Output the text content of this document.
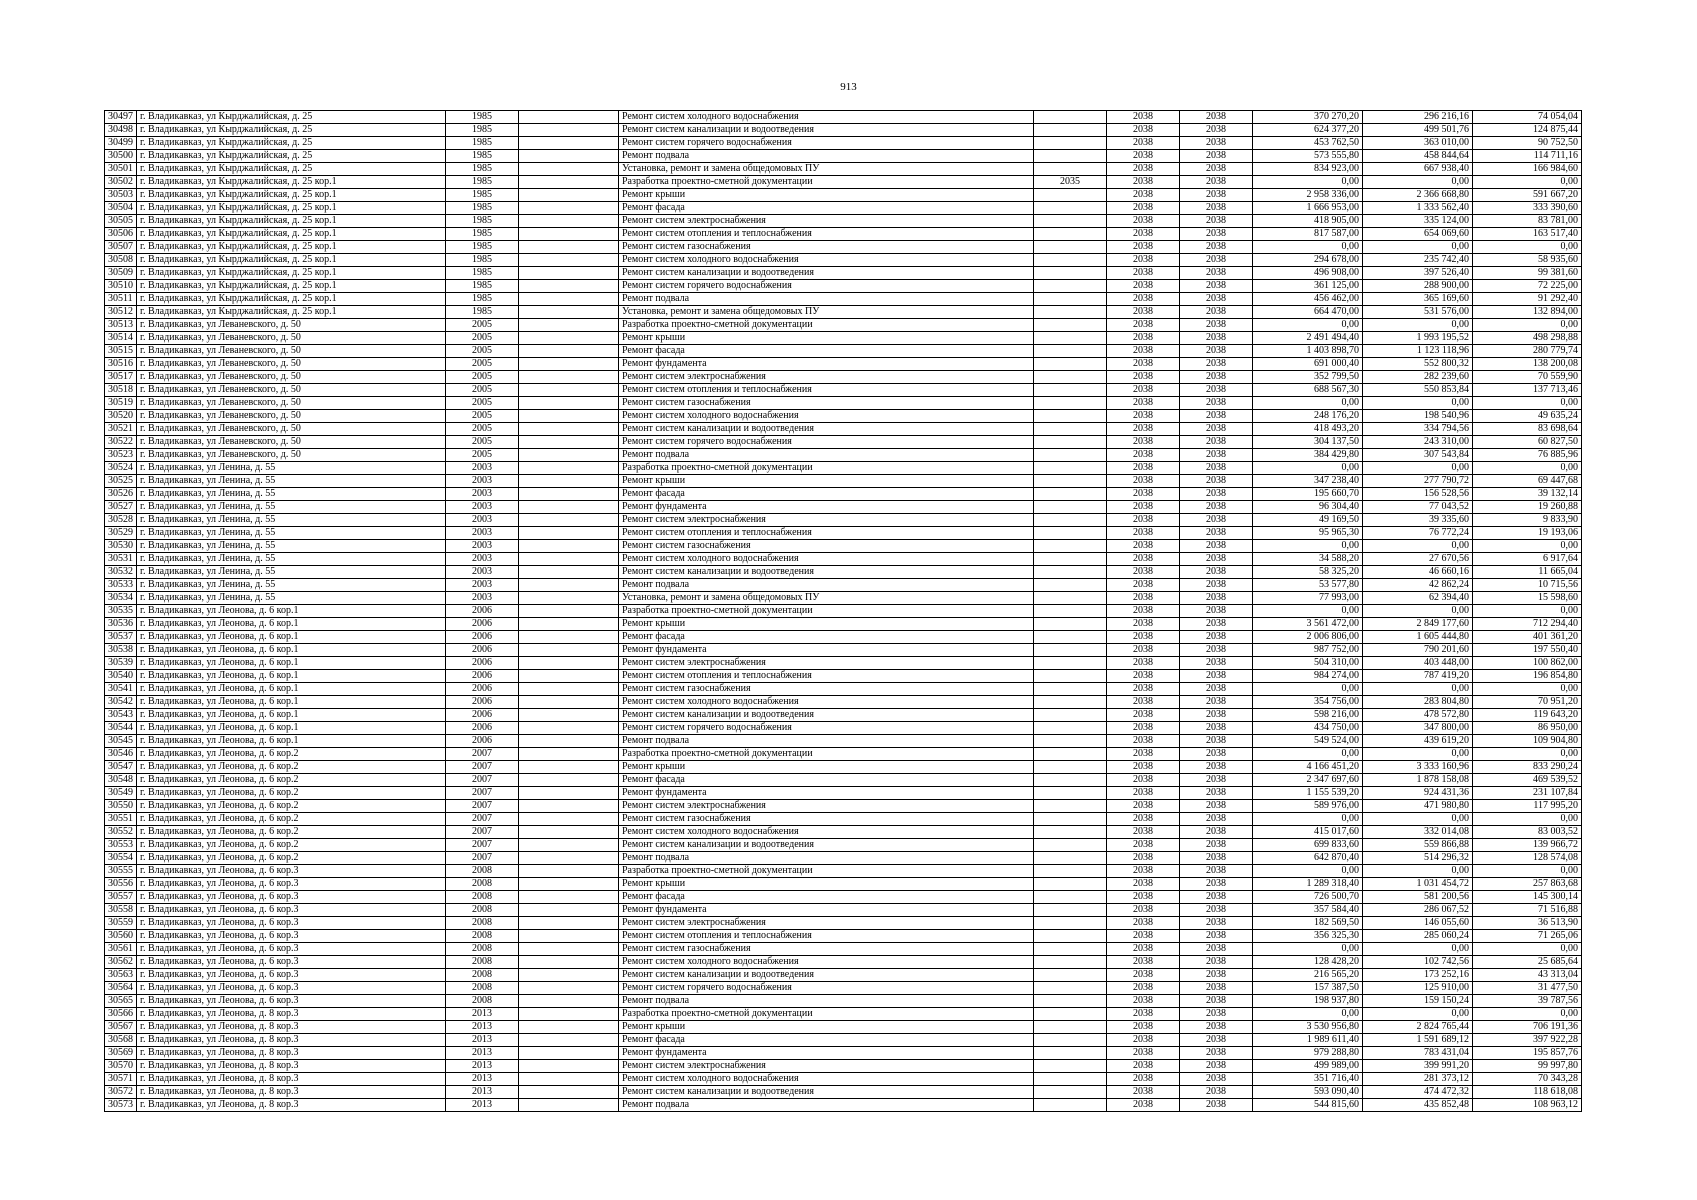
913
30497	г. Владикавказ, ул Кырджалийская, д. 25	1985		Ремонт систем холодного водоснабжения		2038	2038	370 270,20	296 216,16	74 054,04
30498	г. Владикавказ, ул Кырджалийская, д. 25	1985		Ремонт систем канализации и водоотведения		2038	2038	624 377,20	499 501,76	124 875,44
30499	г. Владикавказ, ул Кырджалийская, д. 25	1985		Ремонт систем горячего водоснабжения		2038	2038	453 762,50	363 010,00	90 752,50
30500	г. Владикавказ, ул Кырджалийская, д. 25	1985		Ремонт подвала		2038	2038	573 555,80	458 844,64	114 711,16
30501	г. Владикавказ, ул Кырджалийская, д. 25	1985		Установка, ремонт и замена общедомовых ПУ		2038	2038	834 923,00	667 938,40	166 984,60
30502	г. Владикавказ, ул Кырджалийская, д. 25 кор.1	1985		Разработка проектно-сметной документации	2035	2038	2038	0,00	0,00	0,00
30503	г. Владикавказ, ул Кырджалийская, д. 25 кор.1	1985		Ремонт крыши		2038	2038	2 958 336,00	2 366 668,80	591 667,20
30504	г. Владикавказ, ул Кырджалийская, д. 25 кор.1	1985		Ремонт фасада		2038	2038	1 666 953,00	1 333 562,40	333 390,60
30505	г. Владикавказ, ул Кырджалийская, д. 25 кор.1	1985		Ремонт систем электроснабжения		2038	2038	418 905,00	335 124,00	83 781,00
30506	г. Владикавказ, ул Кырджалийская, д. 25 кор.1	1985		Ремонт систем отопления и теплоснабжения		2038	2038	817 587,00	654 069,60	163 517,40
30507	г. Владикавказ, ул Кырджалийская, д. 25 кор.1	1985		Ремонт систем газоснабжения		2038	2038	0,00	0,00	0,00
30508	г. Владикавказ, ул Кырджалийская, д. 25 кор.1	1985		Ремонт систем холодного водоснабжения		2038	2038	294 678,00	235 742,40	58 935,60
30509	г. Владикавказ, ул Кырджалийская, д. 25 кор.1	1985		Ремонт систем канализации и водоотведения		2038	2038	496 908,00	397 526,40	99 381,60
30510	г. Владикавказ, ул Кырджалийская, д. 25 кор.1	1985		Ремонт систем горячего водоснабжения		2038	2038	361 125,00	288 900,00	72 225,00
30511	г. Владикавказ, ул Кырджалийская, д. 25 кор.1	1985		Ремонт подвала		2038	2038	456 462,00	365 169,60	91 292,40
30512	г. Владикавказ, ул Кырджалийская, д. 25 кор.1	1985		Установка, ремонт и замена общедомовых ПУ		2038	2038	664 470,00	531 576,00	132 894,00
30513	г. Владикавказ, ул Леваневского, д. 50	2005		Разработка проектно-сметной документации		2038	2038	0,00	0,00	0,00
30514	г. Владикавказ, ул Леваневского, д. 50	2005		Ремонт крыши		2038	2038	2 491 494,40	1 993 195,52	498 298,88
30515	г. Владикавказ, ул Леваневского, д. 50	2005		Ремонт фасада		2038	2038	1 403 898,70	1 123 118,96	280 779,74
30516	г. Владикавказ, ул Леваневского, д. 50	2005		Ремонт фундамента		2038	2038	691 000,40	552 800,32	138 200,08
30517	г. Владикавказ, ул Леваневского, д. 50	2005		Ремонт систем электроснабжения		2038	2038	352 799,50	282 239,60	70 559,90
30518	г. Владикавказ, ул Леваневского, д. 50	2005		Ремонт систем отопления и теплоснабжения		2038	2038	688 567,30	550 853,84	137 713,46
30519	г. Владикавказ, ул Леваневского, д. 50	2005		Ремонт систем газоснабжения		2038	2038	0,00	0,00	0,00
30520	г. Владикавказ, ул Леваневского, д. 50	2005		Ремонт систем холодного водоснабжения		2038	2038	248 176,20	198 540,96	49 635,24
30521	г. Владикавказ, ул Леваневского, д. 50	2005		Ремонт систем канализации и водоотведения		2038	2038	418 493,20	334 794,56	83 698,64
30522	г. Владикавказ, ул Леваневского, д. 50	2005		Ремонт систем горячего водоснабжения		2038	2038	304 137,50	243 310,00	60 827,50
30523	г. Владикавказ, ул Леваневского, д. 50	2005		Ремонт подвала		2038	2038	384 429,80	307 543,84	76 885,96
30524	г. Владикавказ, ул Ленина, д. 55	2003		Разработка проектно-сметной документации		2038	2038	0,00	0,00	0,00
30525	г. Владикавказ, ул Ленина, д. 55	2003		Ремонт крыши		2038	2038	347 238,40	277 790,72	69 447,68
30526	г. Владикавказ, ул Ленина, д. 55	2003		Ремонт фасада		2038	2038	195 660,70	156 528,56	39 132,14
30527	г. Владикавказ, ул Ленина, д. 55	2003		Ремонт фундамента		2038	2038	96 304,40	77 043,52	19 260,88
30528	г. Владикавказ, ул Ленина, д. 55	2003		Ремонт систем электроснабжения		2038	2038	49 169,50	39 335,60	9 833,90
30529	г. Владикавказ, ул Ленина, д. 55	2003		Ремонт систем отопления и теплоснабжения		2038	2038	95 965,30	76 772,24	19 193,06
30530	г. Владикавказ, ул Ленина, д. 55	2003		Ремонт систем газоснабжения		2038	2038	0,00	0,00	0,00
30531	г. Владикавказ, ул Ленина, д. 55	2003		Ремонт систем холодного водоснабжения		2038	2038	34 588,20	27 670,56	6 917,64
30532	г. Владикавказ, ул Ленина, д. 55	2003		Ремонт систем канализации и водоотведения		2038	2038	58 325,20	46 660,16	11 665,04
30533	г. Владикавказ, ул Ленина, д. 55	2003		Ремонт подвала		2038	2038	53 577,80	42 862,24	10 715,56
30534	г. Владикавказ, ул Ленина, д. 55	2003		Установка, ремонт и замена общедомовых ПУ		2038	2038	77 993,00	62 394,40	15 598,60
30535	г. Владикавказ, ул Леонова, д. 6 кор.1	2006		Разработка проектно-сметной документации		2038	2038	0,00	0,00	0,00
30536	г. Владикавказ, ул Леонова, д. 6 кор.1	2006		Ремонт крыши		2038	2038	3 561 472,00	2 849 177,60	712 294,40
30537	г. Владикавказ, ул Леонова, д. 6 кор.1	2006		Ремонт фасада		2038	2038	2 006 806,00	1 605 444,80	401 361,20
30538	г. Владикавказ, ул Леонова, д. 6 кор.1	2006		Ремонт фундамента		2038	2038	987 752,00	790 201,60	197 550,40
30539	г. Владикавказ, ул Леонова, д. 6 кор.1	2006		Ремонт систем электроснабжения		2038	2038	504 310,00	403 448,00	100 862,00
30540	г. Владикавказ, ул Леонова, д. 6 кор.1	2006		Ремонт систем отопления и теплоснабжения		2038	2038	984 274,00	787 419,20	196 854,80
30541	г. Владикавказ, ул Леонова, д. 6 кор.1	2006		Ремонт систем газоснабжения		2038	2038	0,00	0,00	0,00
30542	г. Владикавказ, ул Леонова, д. 6 кор.1	2006		Ремонт систем холодного водоснабжения		2038	2038	354 756,00	283 804,80	70 951,20
30543	г. Владикавказ, ул Леонова, д. 6 кор.1	2006		Ремонт систем канализации и водоотведения		2038	2038	598 216,00	478 572,80	119 643,20
30544	г. Владикавказ, ул Леонова, д. 6 кор.1	2006		Ремонт систем горячего водоснабжения		2038	2038	434 750,00	347 800,00	86 950,00
30545	г. Владикавказ, ул Леонова, д. 6 кор.1	2006		Ремонт подвала		2038	2038	549 524,00	439 619,20	109 904,80
30546	г. Владикавказ, ул Леонова, д. 6 кор.2	2007		Разработка проектно-сметной документации		2038	2038	0,00	0,00	0,00
30547	г. Владикавказ, ул Леонова, д. 6 кор.2	2007		Ремонт крыши		2038	2038	4 166 451,20	3 333 160,96	833 290,24
30548	г. Владикавказ, ул Леонова, д. 6 кор.2	2007		Ремонт фасада		2038	2038	2 347 697,60	1 878 158,08	469 539,52
30549	г. Владикавказ, ул Леонова, д. 6 кор.2	2007		Ремонт фундамента		2038	2038	1 155 539,20	924 431,36	231 107,84
30550	г. Владикавказ, ул Леонова, д. 6 кор.2	2007		Ремонт систем электроснабжения		2038	2038	589 976,00	471 980,80	117 995,20
30551	г. Владикавказ, ул Леонова, д. 6 кор.2	2007		Ремонт систем газоснабжения		2038	2038	0,00	0,00	0,00
30552	г. Владикавказ, ул Леонова, д. 6 кор.2	2007		Ремонт систем холодного водоснабжения		2038	2038	415 017,60	332 014,08	83 003,52
30553	г. Владикавказ, ул Леонова, д. 6 кор.2	2007		Ремонт систем канализации и водоотведения		2038	2038	699 833,60	559 866,88	139 966,72
30554	г. Владикавказ, ул Леонова, д. 6 кор.2	2007		Ремонт подвала		2038	2038	642 870,40	514 296,32	128 574,08
30555	г. Владикавказ, ул Леонова, д. 6 кор.3	2008		Разработка проектно-сметной документации		2038	2038	0,00	0,00	0,00
30556	г. Владикавказ, ул Леонова, д. 6 кор.3	2008		Ремонт крыши		2038	2038	1 289 318,40	1 031 454,72	257 863,68
30557	г. Владикавказ, ул Леонова, д. 6 кор.3	2008		Ремонт фасада		2038	2038	726 500,70	581 200,56	145 300,14
30558	г. Владикавказ, ул Леонова, д. 6 кор.3	2008		Ремонт фундамента		2038	2038	357 584,40	286 067,52	71 516,88
30559	г. Владикавказ, ул Леонова, д. 6 кор.3	2008		Ремонт систем электроснабжения		2038	2038	182 569,50	146 055,60	36 513,90
30560	г. Владикавказ, ул Леонова, д. 6 кор.3	2008		Ремонт систем отопления и теплоснабжения		2038	2038	356 325,30	285 060,24	71 265,06
30561	г. Владикавказ, ул Леонова, д. 6 кор.3	2008		Ремонт систем газоснабжения		2038	2038	0,00	0,00	0,00
30562	г. Владикавказ, ул Леонова, д. 6 кор.3	2008		Ремонт систем холодного водоснабжения		2038	2038	128 428,20	102 742,56	25 685,64
30563	г. Владикавказ, ул Леонова, д. 6 кор.3	2008		Ремонт систем канализации и водоотведения		2038	2038	216 565,20	173 252,16	43 313,04
30564	г. Владикавказ, ул Леонова, д. 6 кор.3	2008		Ремонт систем горячего водоснабжения		2038	2038	157 387,50	125 910,00	31 477,50
30565	г. Владикавказ, ул Леонова, д. 6 кор.3	2008		Ремонт подвала		2038	2038	198 937,80	159 150,24	39 787,56
30566	г. Владикавказ, ул Леонова, д. 8 кор.3	2013		Разработка проектно-сметной документации		2038	2038	0,00	0,00	0,00
30567	г. Владикавказ, ул Леонова, д. 8 кор.3	2013		Ремонт крыши		2038	2038	3 530 956,80	2 824 765,44	706 191,36
30568	г. Владикавказ, ул Леонова, д. 8 кор.3	2013		Ремонт фасада		2038	2038	1 989 611,40	1 591 689,12	397 922,28
30569	г. Владикавказ, ул Леонова, д. 8 кор.3	2013		Ремонт фундамента		2038	2038	979 288,80	783 431,04	195 857,76
30570	г. Владикавказ, ул Леонова, д. 8 кор.3	2013		Ремонт систем электроснабжения		2038	2038	499 989,00	399 991,20	99 997,80
30571	г. Владикавказ, ул Леонова, д. 8 кор.3	2013		Ремонт систем холодного водоснабжения		2038	2038	351 716,40	281 373,12	70 343,28
30572	г. Владикавказ, ул Леонова, д. 8 кор.3	2013		Ремонт систем канализации и водоотведения		2038	2038	593 090,40	474 472,32	118 618,08
30573	г. Владикавказ, ул Леонова, д. 8 кор.3	2013		Ремонт подвала		2038	2038	544 815,60	435 852,48	108 963,12
